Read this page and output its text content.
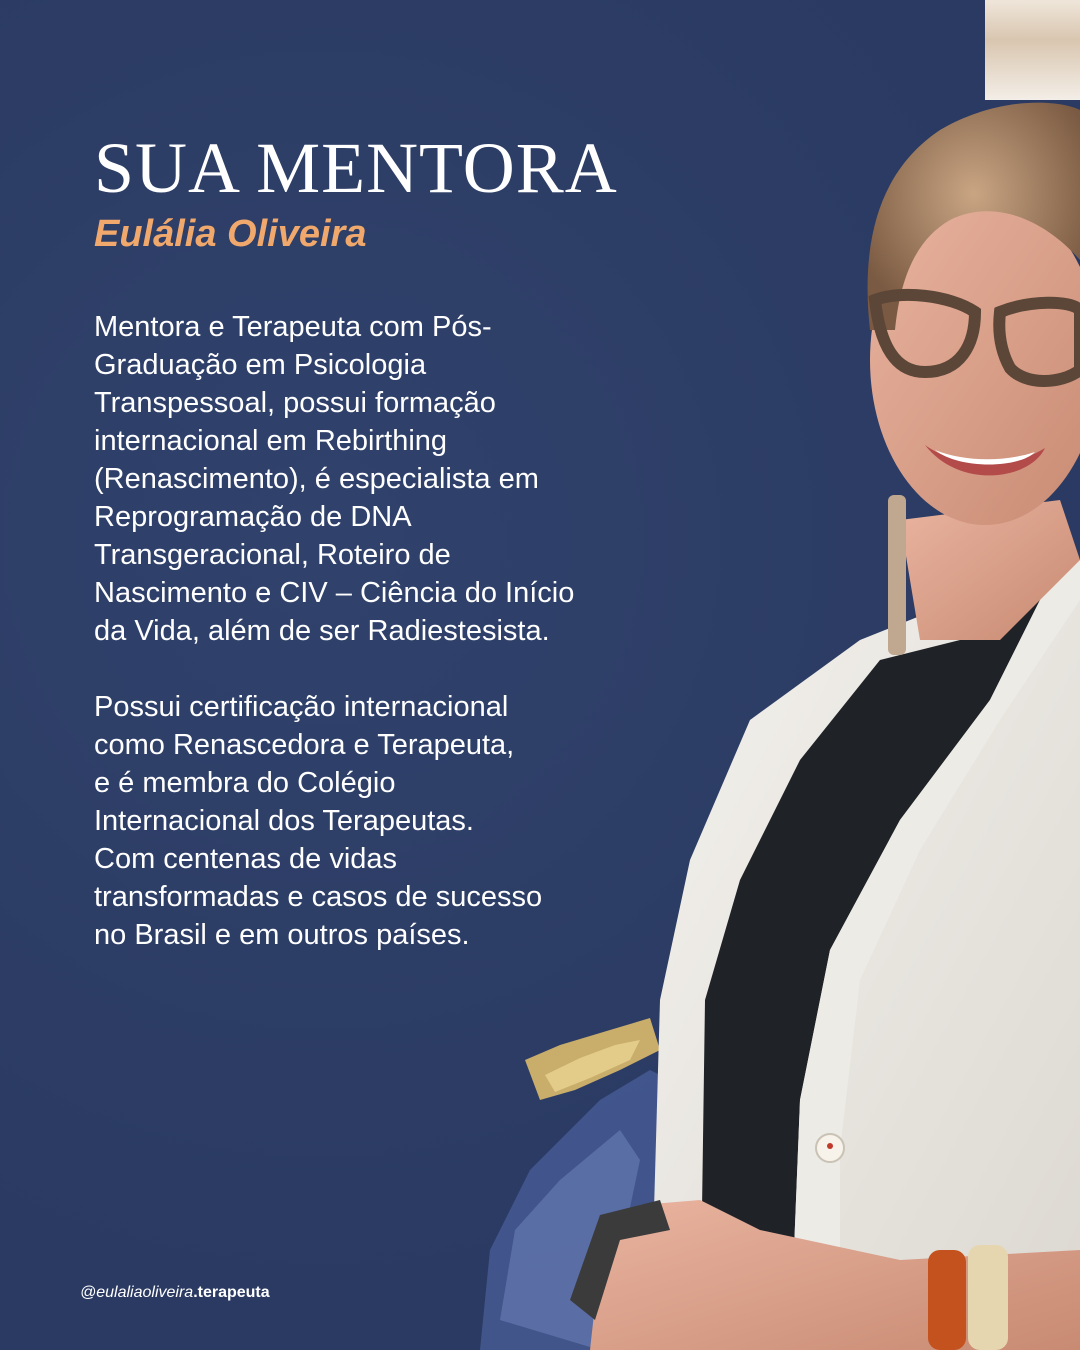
SUA MENTORA
Eulália Oliveira

Mentora e Terapeuta com Pós-
Graduação em Psicologia
Transpessoal, possui formação
internacional em Rebirthing
(Renascimento), é especialista em
Reprogramação de DNA
Transgeracional, Roteiro de
Nascimento e CIV – Ciência do Início
da Vida, além de ser Radiestesista.

Possui certificação internacional
como Renascedora e Terapeuta,
e é membra do Colégio
Internacional dos Terapeutas.
Com centenas de vidas
transformadas e casos de sucesso
no Brasil e em outros países.

@eulaliaoliveira.terapeuta
